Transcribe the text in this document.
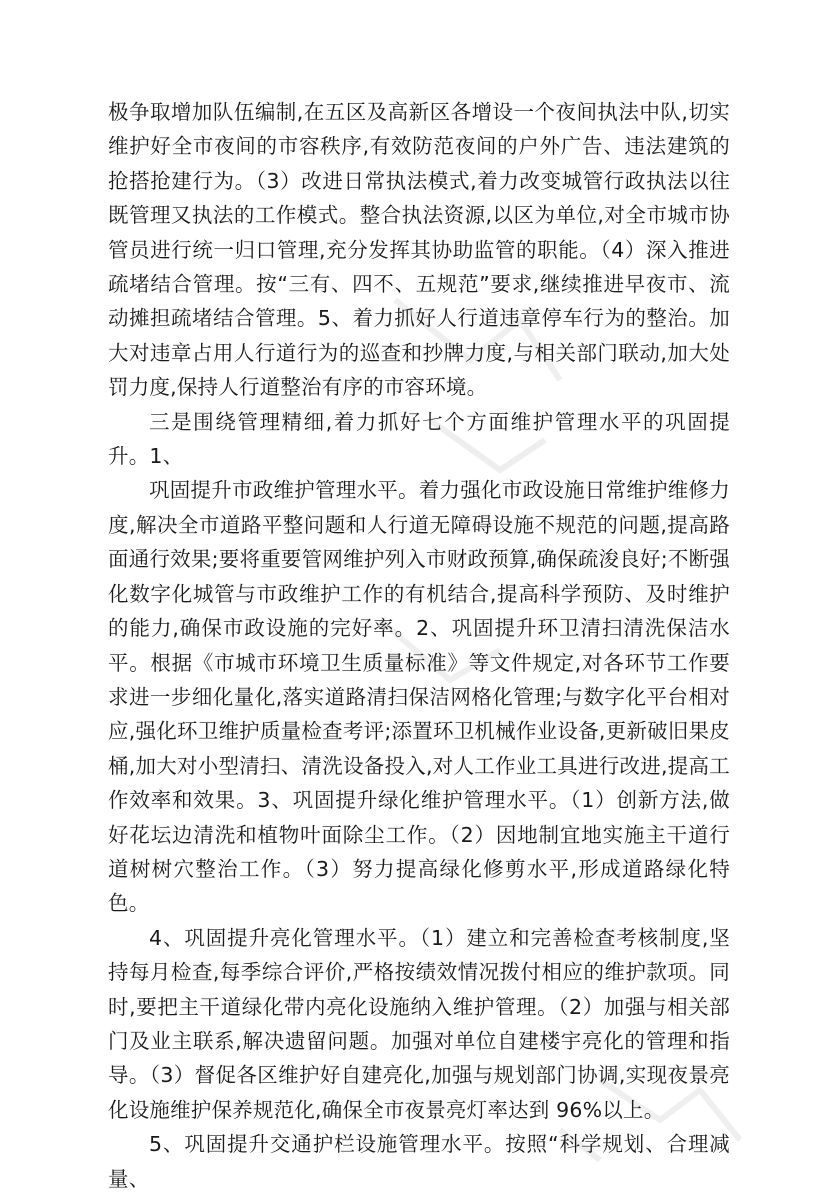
极争取增加队伍编制,在五区及高新区各增设一个夜间执法中队,切实维护好全市夜间的市容秩序,有效防范夜间的户外广告、违法建筑的抢搭抢建行为。（3）改进日常执法模式,着力改变城管行政执法以往既管理又执法的工作模式。整合执法资源,以区为单位,对全市城市协管员进行统一归口管理,充分发挥其协助监管的职能。（4）深入推进疏堵结合管理。按“三有、四不、五规范”要求,继续推进早夜市、流动摊担疏堵结合管理。5、着力抓好人行道违章停车行为的整治。加大对违章占用人行道行为的巡查和抄牌力度,与相关部门联动,加大处罚力度,保持人行道整治有序的市容环境。

三是围绕管理精细,着力抓好七个方面维护管理水平的巩固提升。1、

巩固提升市政维护管理水平。着力强化市政设施日常维护维修力度,解决全市道路平整问题和人行道无障碍设施不规范的问题,提高路面通行效果;要将重要管网维护列入市财政预算,确保疏浚良好;不断强化数字化城管与市政维护工作的有机结合,提高科学预防、及时维护的能力,确保市政设施的完好率。2、巩固提升环卫清扫清洗保洁水平。根据《市城市环境卫生质量标准》等文件规定,对各环节工作要求进一步细化量化,落实道路清扫保洁网格化管理;与数字化平台相对应,强化环卫维护质量检查考评;添置环卫机械作业设备,更新破旧果皮桶,加大对小型清扫、清洗设备投入,对人工作业工具进行改进,提高工作效率和效果。3、巩固提升绿化维护管理水平。（1）创新方法,做好花坛边清洗和植物叶面除尘工作。（2）因地制宜地实施主干道行道树树穴整治工作。（3）努力提高绿化修剪水平,形成道路绿化特色。

4、巩固提升亮化管理水平。（1）建立和完善检查考核制度,坚持每月检查,每季综合评价,严格按绩效情况拨付相应的维护款项。同时,要把主干道绿化带内亮化设施纳入维护管理。（2）加强与相关部门及业主联系,解决遗留问题。加强对单位自建楼宇亮化的管理和指导。（3）督促各区维护好自建亮化,加强与规划部门协调,实现夜景亮化设施维护保养规范化,确保全市夜景亮灯率达到 96%以上。

5、巩固提升交通护栏设施管理水平。按照“科学规划、合理减量、
